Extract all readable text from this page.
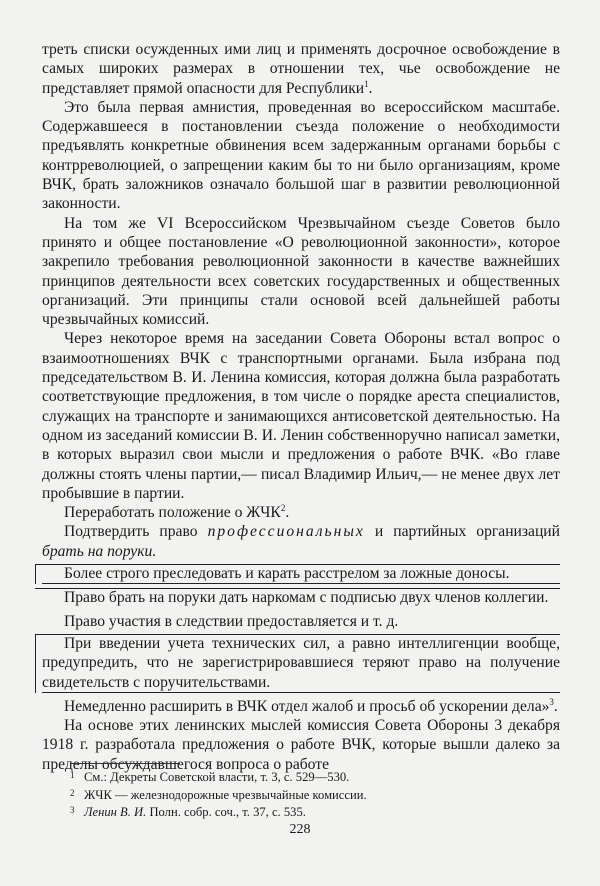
треть списки осужденных ими лиц и применять досрочное освобождение в самых широких размерах в отношении тех, чье освобождение не представляет прямой опасности для Республики$^1$.

Это была первая амнистия, проведенная во всероссийском масштабе. Содержавшееся в постановлении съезда положение о необходимости предъявлять конкретные обвинения всем задержанным органами борьбы с контрреволюцией, о запрещении каким бы то ни было организациям, кроме ВЧК, брать заложников означало большой шаг в развитии революционной законности.

На том же VI Всероссийском Чрезвычайном съезде Советов было принято и общее постановление «О революционной законности», которое закрепило требования революционной законности в качестве важнейших принципов деятельности всех советских государственных и общественных организаций. Эти принципы стали основой всей дальнейшей работы чрезвычайных комиссий.

Через некоторое время на заседании Совета Обороны встал вопрос о взаимоотношениях ВЧК с транспортными органами. Была избрана под председательством В. И. Ленина комиссия, которая должна была разработать соответствующие предложения, в том числе о порядке ареста специалистов, служащих на транспорте и занимающихся антисоветской деятельностью. На одном из заседаний комиссии В. И. Ленин собственноручно написал заметки, в которых выразил свои мысли и предложения о работе ВЧК. «Во главе должны стоять члены партии,— писал Владимир Ильич,— не менее двух лет пробывшие в партии.

Переработать положение о ЖЧК$^2$.
Подтвердить право профессиональных и партийных организаций брать на поруки.
Более строго преследовать и карать расстрелом за ложные доносы.
Право брать на поруки дать наркомам с подписью двух членов коллегии.
Право участия в следствии предоставляется и т. д.
При введении учета технических сил, а равно интеллигенции вообще, предупредить, что не зарегистрировавшиеся теряют право на получение свидетельств с поручительствами.
Немедленно расширить в ВЧК отдел жалоб и просьб об ускорении дела»$^3$.

На основе этих ленинских мыслей комиссия Совета Обороны 3 декабря 1918 г. разработала предложения о работе ВЧК, которые вышли далеко за пределы обсуждавшегося вопроса о работе

1 См.: Декреты Советской власти, т. 3, с. 529—530.
2 ЖЧК — железнодорожные чрезвычайные комиссии.
3 Ленин В. И. Полн. собр. соч., т. 37, с. 535.
228
